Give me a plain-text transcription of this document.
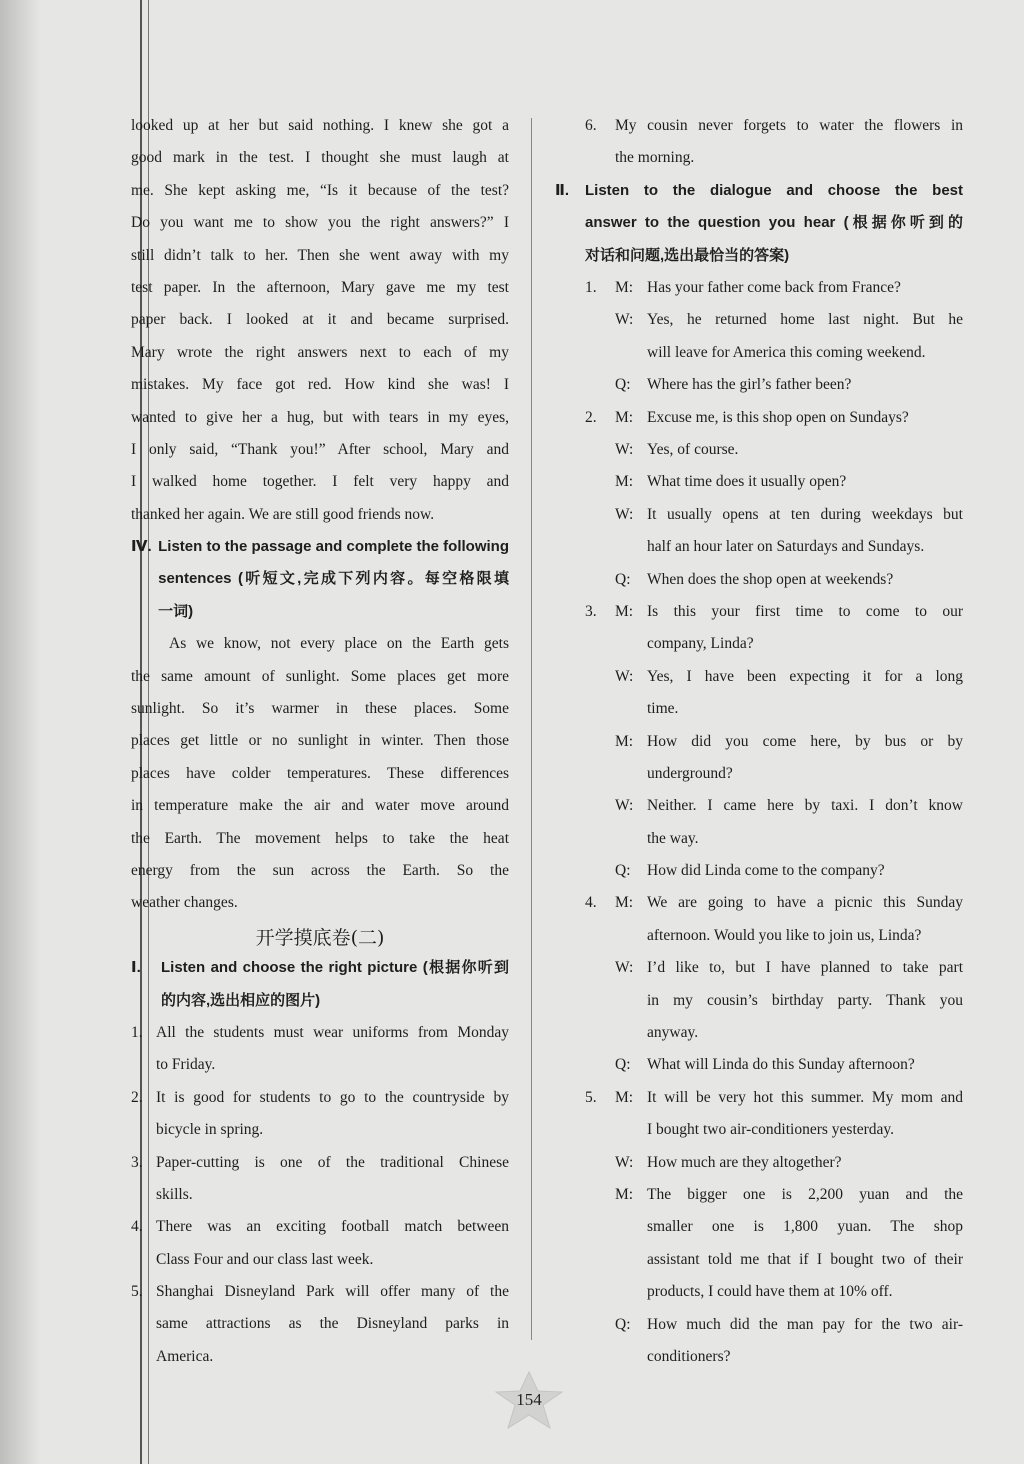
looked up at her but said nothing. I knew she got a
good mark in the test. I thought she must laugh at
me. She kept asking me, “Is it because of the test?
Do you want me to show you the right answers?” I
still didn’t talk to her. Then she went away with my
test paper. In the afternoon, Mary gave me my test
paper back. I looked at it and became surprised.
Mary wrote the right answers next to each of my
mistakes. My face got red. How kind she was! I
wanted to give her a hug, but with tears in my eyes,
I only said, “Thank you!” After school, Mary and
I walked home together. I felt very happy and
thanked her again. We are still good friends now.
Ⅳ. Listen to the passage and complete the following
sentences (听短文,完成下列内容。每空格限填
一词)
As we know, not every place on the Earth gets
the same amount of sunlight. Some places get more
sunlight. So it’s warmer in these places. Some
places get little or no sunlight in winter. Then those
places have colder temperatures. These differences
in temperature make the air and water move around
the Earth. The movement helps to take the heat
energy from the sun across the Earth. So the
weather changes.
开学摸底卷(二)
Ⅰ.	Listen and choose the right picture (根据你听到
的内容,选出相应的图片)
1. All the students must wear uniforms from Monday
to Friday.
2. It is good for students to go to the countryside by
bicycle in spring.
3. Paper-cutting is one of the traditional Chinese
skills.
4. There was an exciting football match between
Class Four and our class last week.
5. Shanghai Disneyland Park will offer many of the
same attractions as the Disneyland parks in
America.
6.	My cousin never forgets to water the flowers in
the morning.
Ⅱ.	Listen to the dialogue and choose the best
answer to the question you hear (根据你听到的
对话和问题,选出最恰当的答案)
1.	M: Has your father come back from France?
W: Yes, he returned home last night. But he
will leave for America this coming weekend.
Q:	Where has the girl’s father been?
2.	M: Excuse me, is this shop open on Sundays?
W: Yes, of course.
M: What time does it usually open?
W: It usually opens at ten during weekdays but
half an hour later on Saturdays and Sundays.
Q:	When does the shop open at weekends?
3.	M: Is this your first time to come to our
company, Linda?
W: Yes, I have been expecting it for a long
time.
M: How did you come here, by bus or by
underground?
W: Neither. I came here by taxi. I don’t know
the way.
Q:	How did Linda come to the company?
4.	M: We are going to have a picnic this Sunday
afternoon. Would you like to join us, Linda?
W: I’d like to, but I have planned to take part
in my cousin’s birthday party. Thank you
anyway.
Q:	What will Linda do this Sunday afternoon?
5.	M: It will be very hot this summer. My mom and
I bought two air-conditioners yesterday.
W: How much are they altogether?
M: The bigger one is 2,200 yuan and the
smaller one is 1,800 yuan. The shop
assistant told me that if I bought two of their
products, I could have them at 10% off.
Q:	How much did the man pay for the two air-
conditioners?
154
